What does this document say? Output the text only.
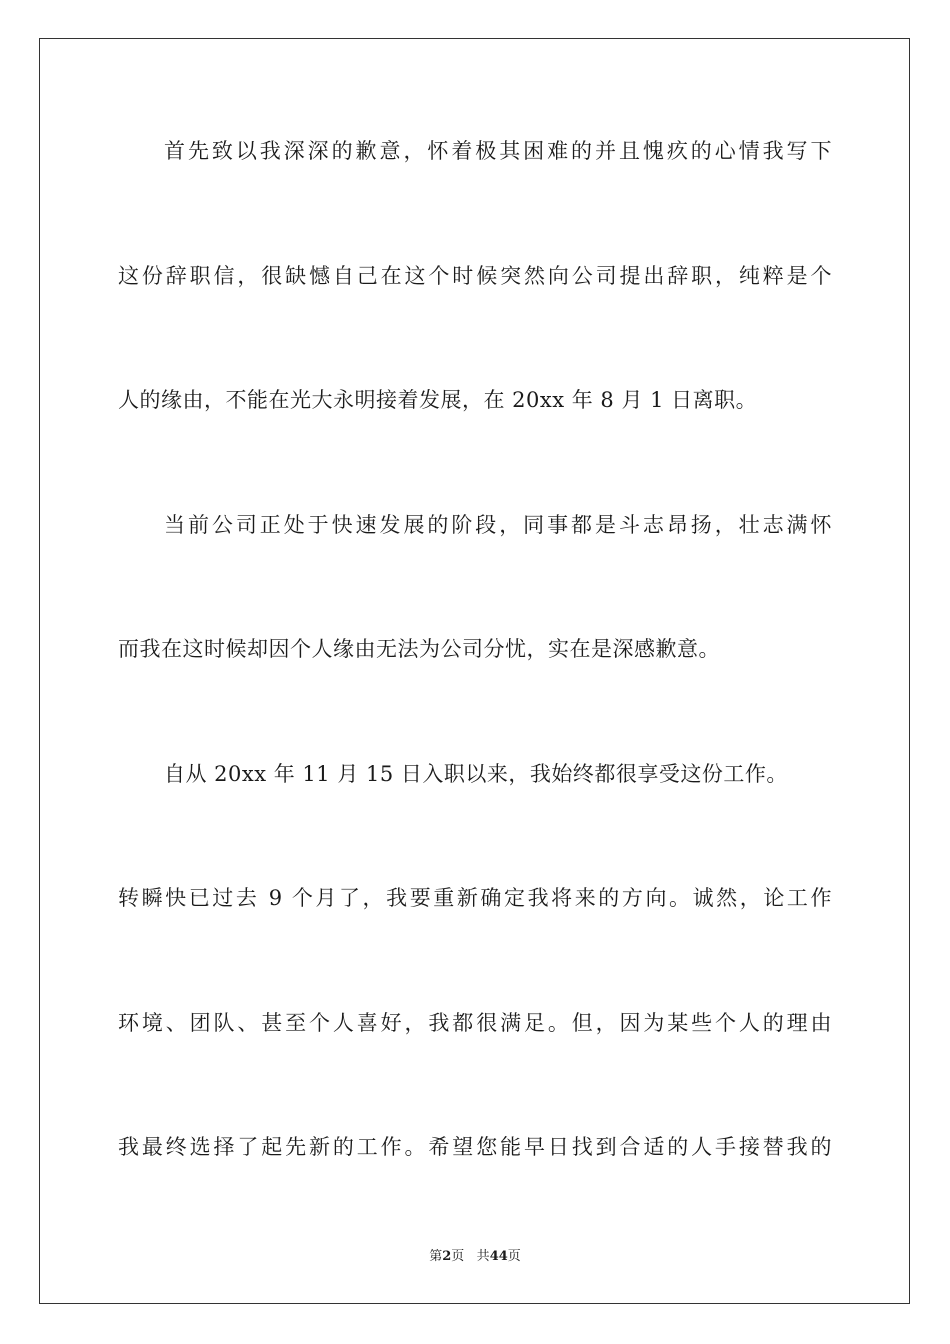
首先致以我深深的歉意，怀着极其困难的并且愧疚的心情我写下
这份辞职信，很缺憾自己在这个时候突然向公司提出辞职，纯粹是个
人的缘由，不能在光大永明接着发展，在 20xx 年 8 月 1 日离职。
当前公司正处于快速发展的阶段，同事都是斗志昂扬，壮志满怀
而我在这时候却因个人缘由无法为公司分忧，实在是深感歉意。
自从 20xx 年 11 月 15 日入职以来，我始终都很享受这份工作。
转瞬快已过去 9 个月了，我要重新确定我将来的方向。诚然，论工作
环境、团队、甚至个人喜好，我都很满足。但，因为某些个人的理由
我最终选择了起先新的工作。希望您能早日找到合适的人手接替我的
第2页 共44页
